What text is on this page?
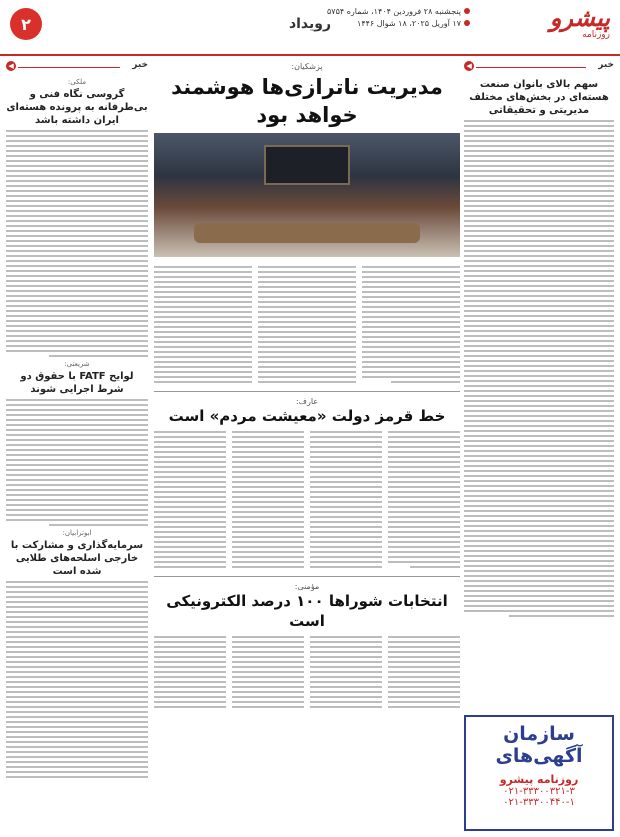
۲	رویداد
پنجشنبه ۲۸ فروردین ۱۴۰۴، شماره ۵۷۵۴
۱۷ آوریل ۲۰۲۵، ۱۸ شوال ۱۴۴۶	پیشرو
روزنامه
خبر
◀
سهم بالای بانوان صنعت هسته‌ای در بخش‌های مختلف مدیریتی و تحقیقاتی
سازمان
آگهی‌های
روزنامه پیشرو
۰۲۱-۳۳۳۰۰۳۲۱-۳
۰۲۱-۳۳۳۰۰۴۴۰-۱
خبر
◀
ملکی:
گروسی نگاه فنی و بی‌طرفانه به پرونده هسته‌ای ایران داشته باشد
شریعتی:
لوایح FATF با حقوق دو شرط اجرایی شوند
ابوترابیان:
سرمایه‌گذاری و مشارکت با خارجی اسلحه‌های طلایی شده است
پزشکیان:
مدیریت ناترازی‌ها هوشمند خواهد بود
عارف:
خط قرمز دولت «معیشت مردم» است
مؤمنی:
انتخابات شوراها ۱۰۰ درصد الکترونیکی است
